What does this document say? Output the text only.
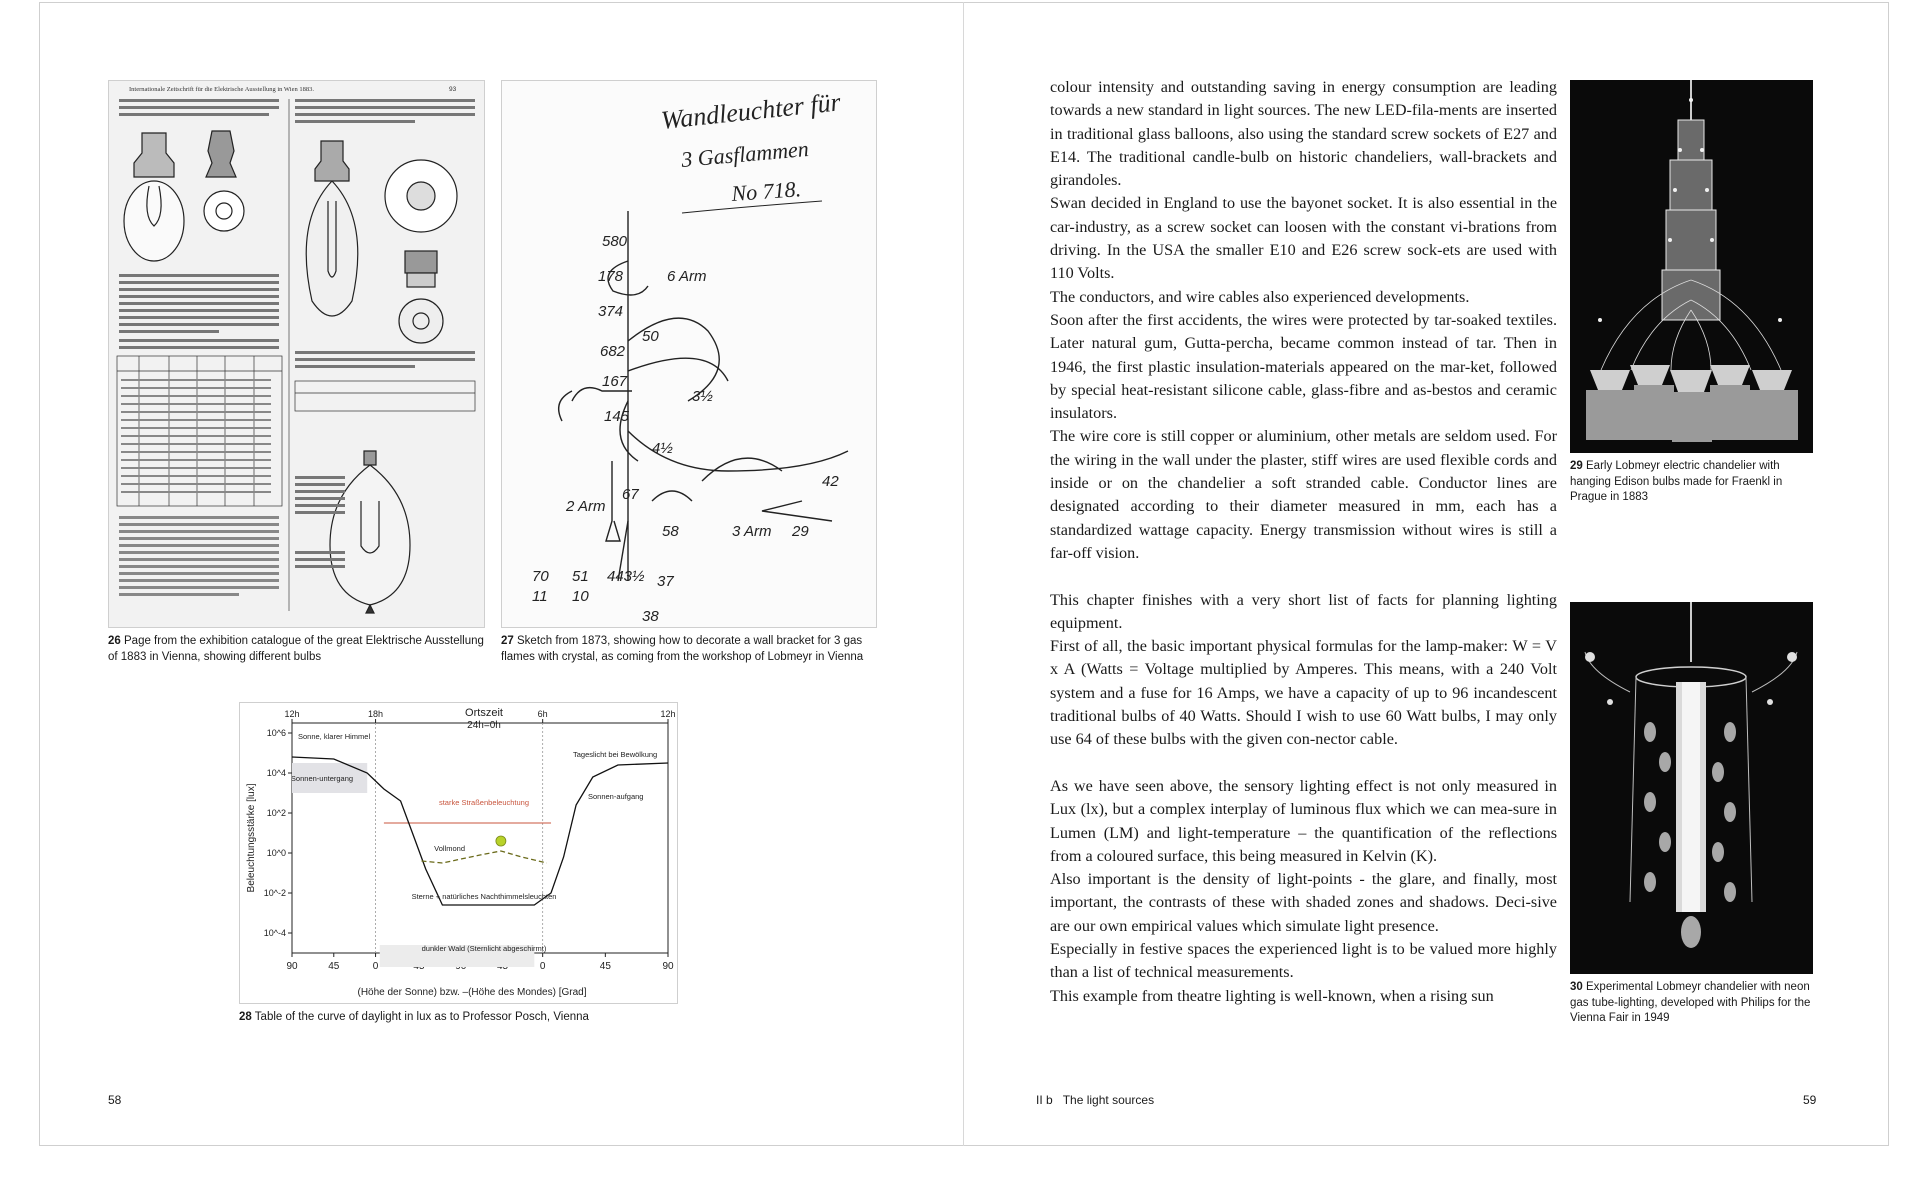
Internationale Zeitschrift für die Elektrische Ausstellung in Wien 1883.	93
26 Page from the exhibition catalogue of the great Elektrische Ausstellung of 1883 in Vienna, showing different bulbs
Wandleuchter für
3 Gasflammen
No 718.
580
178
374
682
167
145
50
6 Arm
3½
2 Arm
67
4½
58
70 51 443½ 37
42
29
3 Arm
11 10
38
27 Sketch from 1873, showing how to decorate a wall bracket for 3 gas flames with crystal, as coming from the workshop of Lobmeyr in Vienna
12h	18h	6h	12h
Ortszeit
24h=0h
90	45	0	0	45	90
10^6
10^4
10^2
10^0
10^-2
10^-4
(Höhe der Sonne) bzw. –(Höhe des Mondes) [Grad]
Beleuchtungsstärke [lux]
Sonne, klarer Himmel
Sonnen-untergang
Tageslicht bei Bewölkung
Sonnen-aufgang
starke Straßenbeleuchtung
Vollmond
Sterne + natürliches Nachthimmelsleuchten
dunkler Wald (Sternlicht abgeschirmt)
28 Table of the curve of daylight in lux as to Professor Posch, Vienna
58

colour intensity and outstanding saving in energy consumption are leading towards a new standard in light sources. The new LED-fila-ments are inserted in traditional glass balloons, also using the standard screw sockets of E27 and E14. The traditional candle-bulb on historic chandeliers, wall-brackets and girandoles.

Swan decided in England to use the bayonet socket. It is also essential in the car-industry, as a screw socket can loosen with the constant vi-brations from driving. In the USA the smaller E10 and E26 screw sock-ets are used with 110 Volts.

The conductors, and wire cables also experienced developments.

Soon after the first accidents, the wires were protected by tar-soaked textiles. Later natural gum, Gutta-percha, became common instead of tar. Then in 1946, the first plastic insulation-materials appeared on the mar-ket, followed by special heat-resistant silicone cable, glass-fibre and as-bestos and ceramic insulators.

The wire core is still copper or aluminium, other metals are seldom used. For the wiring in the wall under the plaster, stiff wires are used flexible cords and inside or on the chandelier a soft stranded cable. Conductor lines are designated according to their diameter measured in mm, each has a standardized wattage capacity. Energy transmission without wires is still a far-off vision.

This chapter finishes with a very short list of facts for planning lighting equipment.

First of all, the basic important physical formulas for the lamp-maker: W = V x A (Watts = Voltage multiplied by Amperes. This means, with a 240 Volt system and a fuse for 16 Amps, we have a capacity of up to 96 incandescent traditional bulbs of 40 Watts. Should I wish to use 60 Watt bulbs, I may only use 64 of these bulbs with the given con-nector cable.

As we have seen above, the sensory lighting effect is not only measured in Lux (lx), but a complex interplay of luminous flux which we can mea-sure in Lumen (LM) and light-temperature – the quantification of the reflections from a coloured surface, this being measured in Kelvin (K).

Also important is the density of light-points - the glare, and finally, most important, the contrasts of these with shaded zones and shadows. Deci-sive are our own empirical values which simulate light presence.

Especially in festive spaces the experienced light is to be valued more highly than a list of technical measurements.

This example from theatre lighting is well-known, when a rising sun

29 Early Lobmeyr electric chandelier with hanging Edison bulbs made for Fraenkl in Prague in 1883
30 Experimental Lobmeyr chandelier with neon gas tube-lighting, developed with Philips for the Vienna Fair in 1949
II b The light sources	59
